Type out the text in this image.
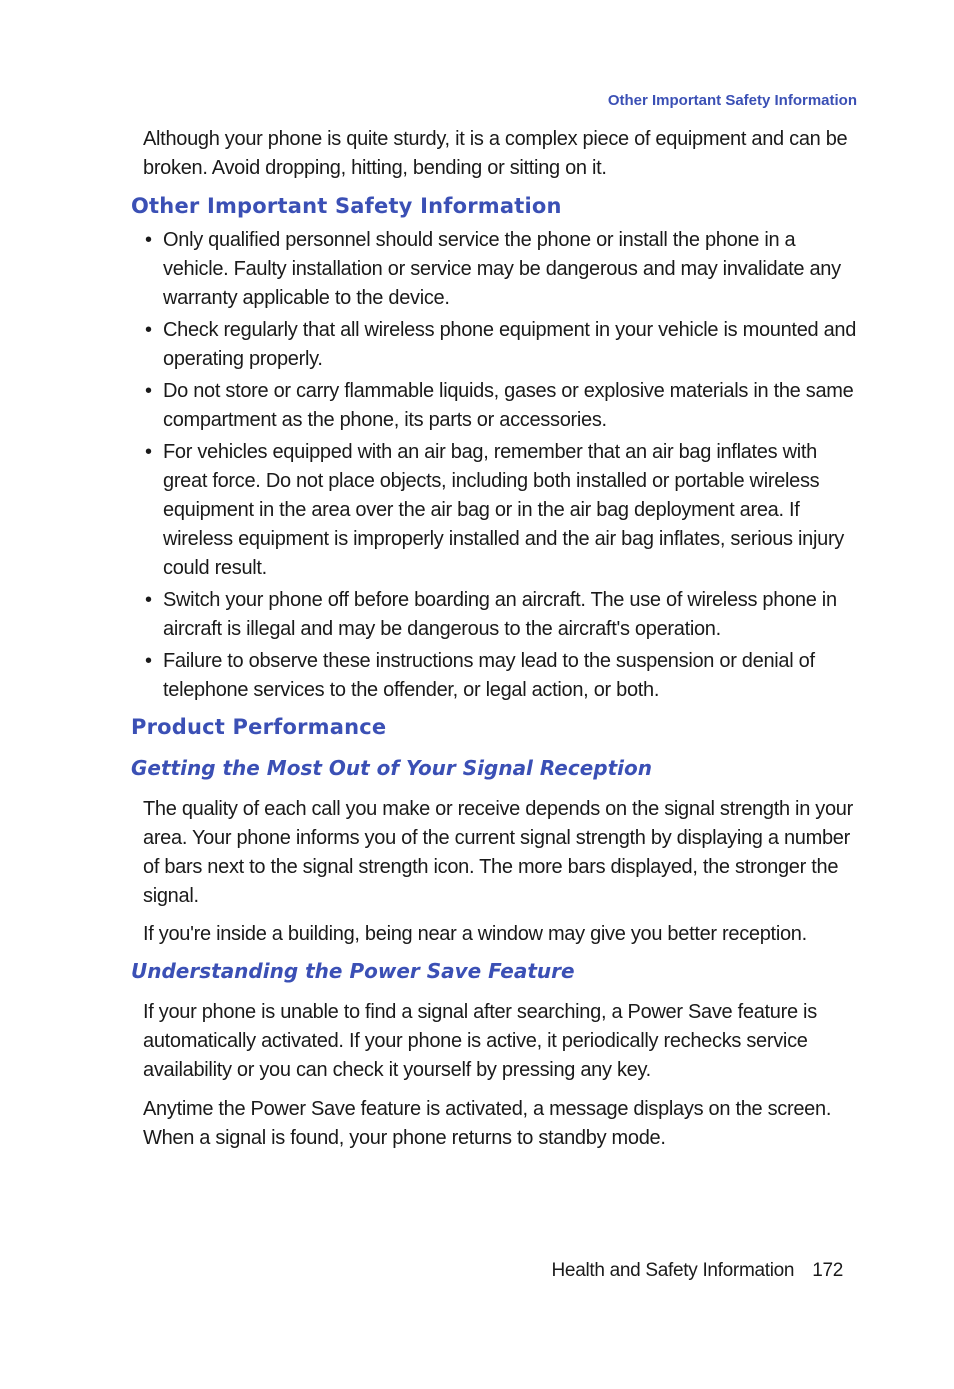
Other Important Safety Information

Although your phone is quite sturdy, it is a complex piece of equipment and can be broken. Avoid dropping, hitting, bending or sitting on it.

Other Important Safety Information
• Only qualified personnel should service the phone or install the phone in a vehicle. Faulty installation or service may be dangerous and may invalidate any warranty applicable to the device.
• Check regularly that all wireless phone equipment in your vehicle is mounted and operating properly.
• Do not store or carry flammable liquids, gases or explosive materials in the same compartment as the phone, its parts or accessories.
• For vehicles equipped with an air bag, remember that an air bag inflates with great force. Do not place objects, including both installed or portable wireless equipment in the area over the air bag or in the air bag deployment area. If wireless equipment is improperly installed and the air bag inflates, serious injury could result.
• Switch your phone off before boarding an aircraft. The use of wireless phone in aircraft is illegal and may be dangerous to the aircraft's operation.
• Failure to observe these instructions may lead to the suspension or denial of telephone services to the offender, or legal action, or both.
Product Performance
Getting the Most Out of Your Signal Reception

The quality of each call you make or receive depends on the signal strength in your area. Your phone informs you of the current signal strength by displaying a number of bars next to the signal strength icon. The more bars displayed, the stronger the signal.

If you're inside a building, being near a window may give you better reception.

Understanding the Power Save Feature

If your phone is unable to find a signal after searching, a Power Save feature is automatically activated. If your phone is active, it periodically rechecks service availability or you can check it yourself by pressing any key.

Anytime the Power Save feature is activated, a message displays on the screen. When a signal is found, your phone returns to standby mode.

Health and Safety Information 172
